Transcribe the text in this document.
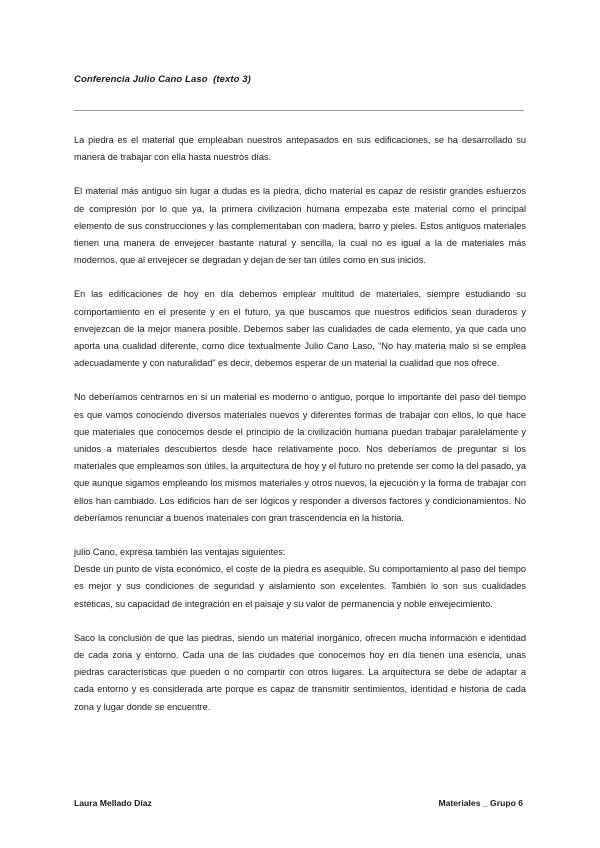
Conferencia Julio Cano Laso  (texto 3)

La piedra es el material que empleaban nuestros antepasados en sus edificaciones, se ha desarrollado su manera de trabajar con ella hasta nuestros días.

El material más antiguo sin lugar a dudas es la piedra, dicho material es capaz de resistir grandes esfuerzos de compresión por lo que ya, la primera civilización humana empezaba este material como el principal elemento de sus construcciones y las complementaban con madera, barro y pieles. Estos antiguos materiales tienen una manera de envejecer bastante natural y sencilla, la cual no es igual a la de materiales más modernos, que al envejecer se degradan y dejan de ser tan útiles como en sus inicios.

En las edificaciones de hoy en día debemos emplear multitud de materiales, siempre estudiando su comportamiento en el presente y en el futuro, ya que buscamos que nuestros edificios sean duraderos y envejezcan de la mejor manera posible. Debemos saber las cualidades de cada elemento, ya que cada uno aporta una cualidad diferente, como dice textualmente Julio Cano Laso, “No hay materia malo si se emplea adecuadamente y con naturalidad” es decir, debemos esperar de un material la cualidad que nos ofrece.

No deberíamos centrarnos en si un material es moderno o antiguo, porque lo importante del paso del tiempo es que vamos conociendo diversos materiales nuevos y diferentes formas de trabajar con ellos, lo que hace que materiales que conocemos desde el principio de la civilización humana puedan trabajar paralelamente y unidos a materiales descubiertos desde hace relativamente poco. Nos deberíamos de preguntar si los materiales que empleamos son útiles, la arquitectura de hoy y el futuro no pretende ser como la del pasado, ya que aunque sigamos empleando los mismos materiales y otros nuevos, la ejecución y la forma de trabajar con ellos han cambiado. Los edificios han de ser lógicos y responder a diversos factores y condicionamientos. No deberíamos renunciar a buenos materiales con gran trascendencia en la historia.

julio Cano, expresa también las ventajas siguientes:
Desde un punto de vista económico, el coste de la piedra es asequible. Su comportamiento al paso del tiempo es mejor y sus condiciones de seguridad y aislamiento son excelentes. También lo son sus cualidades estéticas, su capacidad de integración en el paisaje y su valor de permanencia y noble envejecimiento.

Saco la conclusión de que las piedras, siendo un material inorgánico, ofrecen mucha información e identidad de cada zona y entorno. Cada una de las ciudades que conocemos hoy en día tienen una esencia, unas piedras características que pueden o no compartir con otros lugares. La arquitectura se debe de adaptar a cada entorno y es considerada arte porque es capaz de transmitir sentimientos, identidad e historia de cada zona y lugar donde se encuentre.

Laura Mellado Díaz	Materiales _ Grupo 6
